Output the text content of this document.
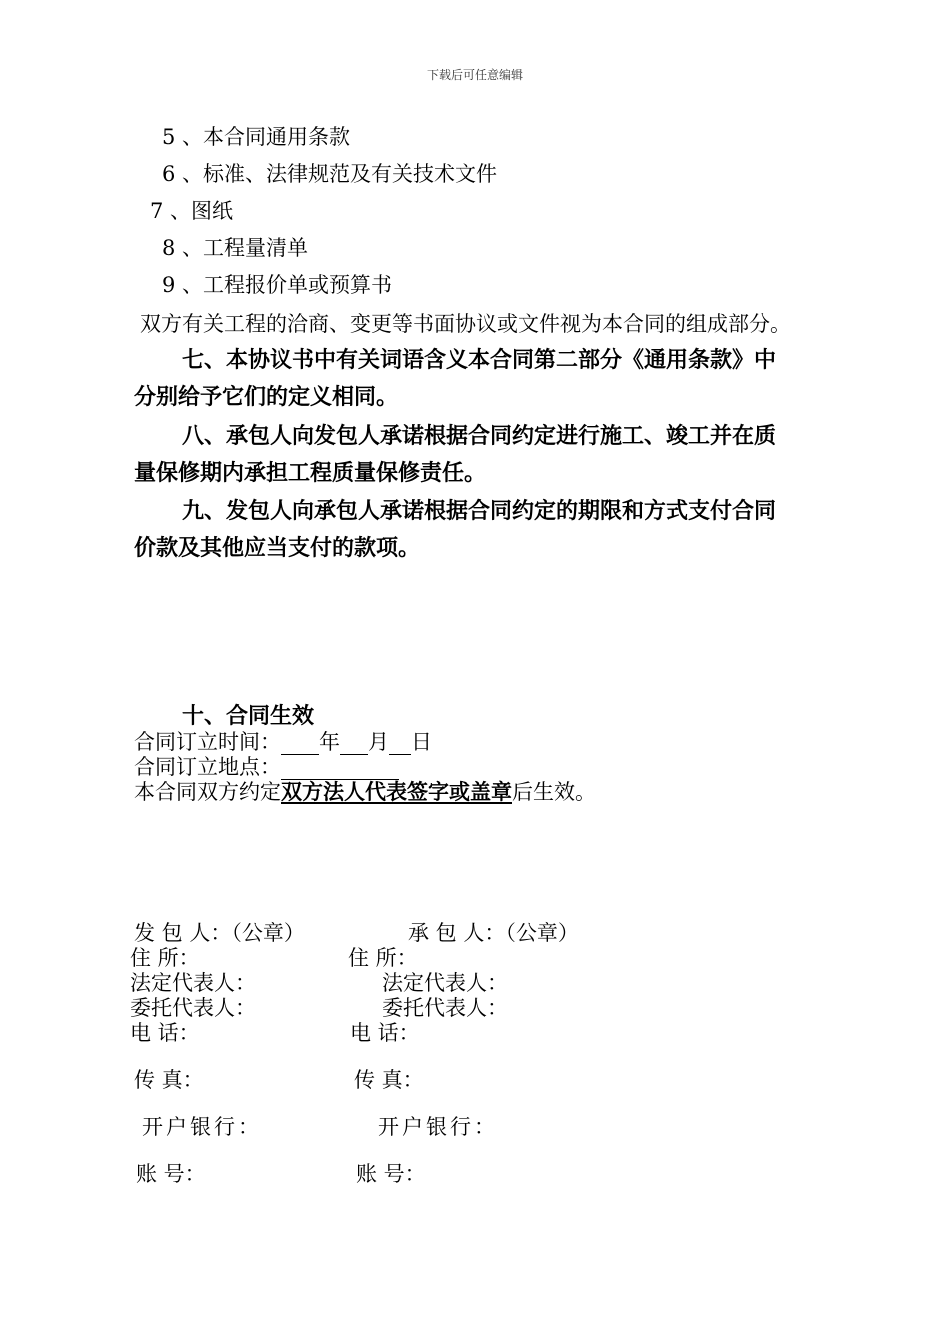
下载后可任意编辑
5 、本合同通用条款
6 、标准、法律规范及有关技术文件
7 、图纸
8 、工程量清单
9 、工程报价单或预算书
双方有关工程的洽商、变更等书面协议或文件视为本合同的组成部分。
七、本协议书中有关词语含义本合同第二部分《通用条款》中
分别给予它们的定义相同。
八、承包人向发包人承诺根据合同约定进行施工、竣工并在质
量保修期内承担工程质量保修责任。
九、发包人向承包人承诺根据合同约定的期限和方式支付合同
价款及其他应当支付的款项。
十、合同生效
合同订立时间： 年 月 日
合同订立地点：
本合同双方约定双方法人代表签字或盖章后生效。
发 包 人：（公章）	承 包 人：（公章）
住 所：	住 所：
法定代表人：	法定代表人：
委托代表人：	委托代表人：
电 话：	电 话：
传 真：	传 真：
开户银行：	开户银行：
账 号：	账 号：
